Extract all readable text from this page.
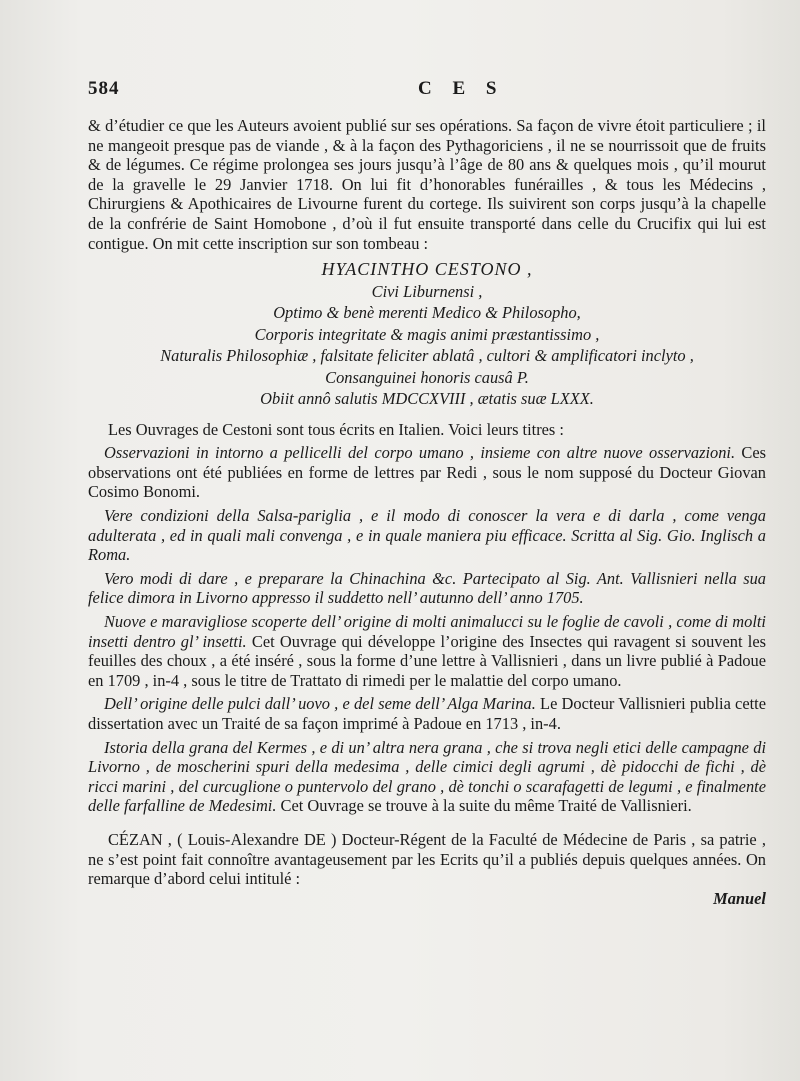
584	C E S

& d’étudier ce que les Auteurs avoient publié sur ses opérations. Sa façon de vivre étoit particuliere ; il ne mangeoit presque pas de viande , & à la façon des Pythagoriciens , il ne se nourrissoit que de fruits & de légumes. Ce régime prolongea ses jours jusqu’à l’âge de 80 ans & quelques mois , qu’il mourut de la gravelle le 29 Janvier 1718. On lui fit d’honorables funérailles , & tous les Médecins , Chirurgiens & Apothicaires de Livourne furent du cortege. Ils suivirent son corps jusqu’à la chapelle de la confrérie de Saint Homobone , d’où il fut ensuite transporté dans celle du Crucifix qui lui est contigue. On mit cette inscription sur son tombeau :

HYACINTHO CESTONO ,
Civi Liburnensi ,
Optimo & benè merenti Medico & Philosopho,
Corporis integritate & magis animi præstantissimo ,
Naturalis Philosophiæ , falsitate feliciter ablatâ , cultori & amplificatori inclyto ,
Consanguinei honoris causâ P.
Obiit annô salutis MDCCXVIII , ætatis suæ LXXX.

Les Ouvrages de Cestoni sont tous écrits en Italien. Voici leurs titres :

Osservazioni in intorno a pellicelli del corpo umano , insieme con altre nuove osservazioni. Ces observations ont été publiées en forme de lettres par Redi , sous le nom supposé du Docteur Giovan Cosimo Bonomi.

Vere condizioni della Salsa-pariglia , e il modo di conoscer la vera e di darla , come venga adulterata , ed in quali mali convenga , e in quale maniera piu efficace. Scritta al Sig. Gio. Inglisch a Roma.

Vero modi di dare , e preparare la Chinachina &c. Partecipato al Sig. Ant. Vallisnieri nella sua felice dimora in Livorno appresso il suddetto nell’ autunno dell’ anno 1705.

Nuove e maravigliose scoperte dell’ origine di molti animalucci su le foglie de cavoli , come di molti insetti dentro gl’ insetti. Cet Ouvrage qui développe l’origine des Insectes qui ravagent si souvent les feuilles des choux , a été inséré , sous la forme d’une lettre à Vallisnieri , dans un livre publié à Padoue en 1709 , in-4 , sous le titre de Trattato di rimedi per le malattie del corpo umano.

Dell’ origine delle pulci dall’ uovo , e del seme dell’ Alga Marina. Le Docteur Vallisnieri publia cette dissertation avec un Traité de sa façon imprimé à Padoue en 1713 , in-4.

Istoria della grana del Kermes , e di un’ altra nera grana , che si trova negli etici delle campagne di Livorno , de moscherini spuri della medesima , delle cimici degli agrumi , dè pidocchi de fichi , dè ricci marini , del curcuglione o puntervolo del grano , dè tonchi o scarafagetti de legumi , e finalmente delle farfalline de Medesimi. Cet Ouvrage se trouve à la suite du même Traité de Vallisnieri.

CÉZAN , ( Louis-Alexandre DE ) Docteur-Régent de la Faculté de Médecine de Paris , sa patrie , ne s’est point fait connoître avantageusement par les Ecrits qu’il a publiés depuis quelques années. On remarque d’abord celui intitulé :

Manuel
